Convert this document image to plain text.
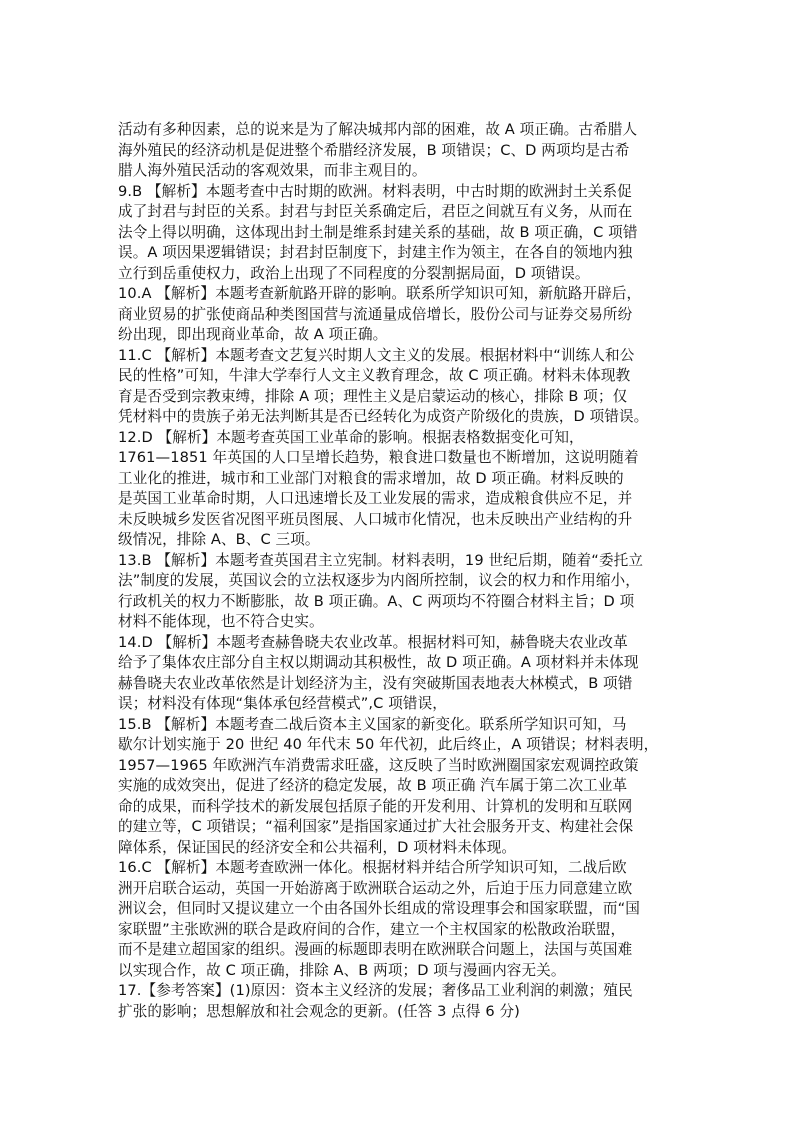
活动有多种因素，总的说来是为了解决城邦内部的困难，故 A 项正确。古希腊人
海外殖民的经济动机是促进整个希腊经济发展，B 项错误；C、D 两项均是古希
腊人海外殖民活动的客观效果，而非主观目的。
9.B 【解析】本题考查中古时期的欧洲。材料表明，中古时期的欧洲封土关系促
成了封君与封臣的关系。封君与封臣关系确定后，君臣之间就互有义务，从而在
法令上得以明确，这体现出封土制是维系封建关系的基础，故 B 项正确，C 项错
误。A 项因果逻辑错误；封君封臣制度下，封建主作为领主，在各自的领地内独
立行到岳重使权力，政治上出现了不同程度的分裂割据局面，D 项错误。
10.A 【解析】本题考查新航路开辟的影响。联系所学知识可知，新航路开辟后，
商业贸易的扩张使商品种类图国营与流通量成倍增长，股份公司与证券交易所纷
纷出现，即出现商业革命，故 A 项正确。
11.C 【解析】本题考查文艺复兴时期人文主义的发展。根据材料中“训练人和公
民的性格”可知，牛津大学奉行人文主义教育理念，故 C 项正确。材料未体现教
育是否受到宗教束缚，排除 A 项；理性主义是启蒙运动的核心，排除 B 项；仅
凭材料中的贵族子弟无法判断其是否已经转化为成资产阶级化的贵族，D 项错误。
12.D 【解析】本题考查英国工业革命的影响。根据表格数据变化可知，
1761—1851 年英国的人口呈增长趋势，粮食进口数量也不断增加，这说明随着
工业化的推进，城市和工业部门对粮食的需求增加，故 D 项正确。材料反映的
是英国工业革命时期，人口迅速增长及工业发展的需求，造成粮食供应不足，并
未反映城乡发医省况图平班员图展、人口城市化情况，也未反映出产业结构的升
级情况，排除 A、B、C 三项。
13.B 【解析】本题考查英国君主立宪制。材料表明，19 世纪后期，随着“委托立
法”制度的发展，英国议会的立法权逐步为内阁所控制，议会的权力和作用缩小，
行政机关的权力不断膨胀，故 B 项正确。A、C 两项均不符圈合材料主旨；D 项
材料不能体现，也不符合史实。
14.D 【解析】本题考查赫鲁晓夫农业改革。根据材料可知，赫鲁晓夫农业改革
给予了集体农庄部分自主权以期调动其积极性，故 D 项正确。A 项材料并未体现
赫鲁晓夫农业改革依然是计划经济为主，没有突破斯国表地表大林模式，B 项错
误；材料没有体现“集体承包经营模式”,C 项错误，
15.B 【解析】本题考查二战后资本主义国家的新变化。联系所学知识可知，马
歇尔计划实施于 20 世纪 40 年代末 50 年代初，此后终止，A 项错误；材料表明，
1957—1965 年欧洲汽车消费需求旺盛，这反映了当时欧洲圈国家宏观调控政策
实施的成效突出，促进了经济的稳定发展，故 B 项正确 汽车属于第二次工业革
命的成果，而科学技术的新发展包括原子能的开发利用、计算机的发明和互联网
的建立等，C 项错误；“福利国家”是指国家通过扩大社会服务开支、构建社会保
障体系，保证国民的经济安全和公共福利，D 项材料未体现。
16.C 【解析】本题考查欧洲一体化。根据材料并结合所学知识可知，二战后欧
洲开启联合运动，英国一开始游离于欧洲联合运动之外，后迫于压力同意建立欧
洲议会，但同时又提议建立一个由各国外长组成的常设理事会和国家联盟，而“国
家联盟”主张欧洲的联合是政府间的合作，建立一个主权国家的松散政治联盟，
而不是建立超国家的组织。漫画的标题即表明在欧洲联合问题上，法国与英国难
以实现合作，故 C 项正确，排除 A、B 两项；D 项与漫画内容无关。
17.【参考答案】(1)原因：资本主义经济的发展；奢侈品工业利润的刺激；殖民
扩张的影响；思想解放和社会观念的更新。(任答 3 点得 6 分)
